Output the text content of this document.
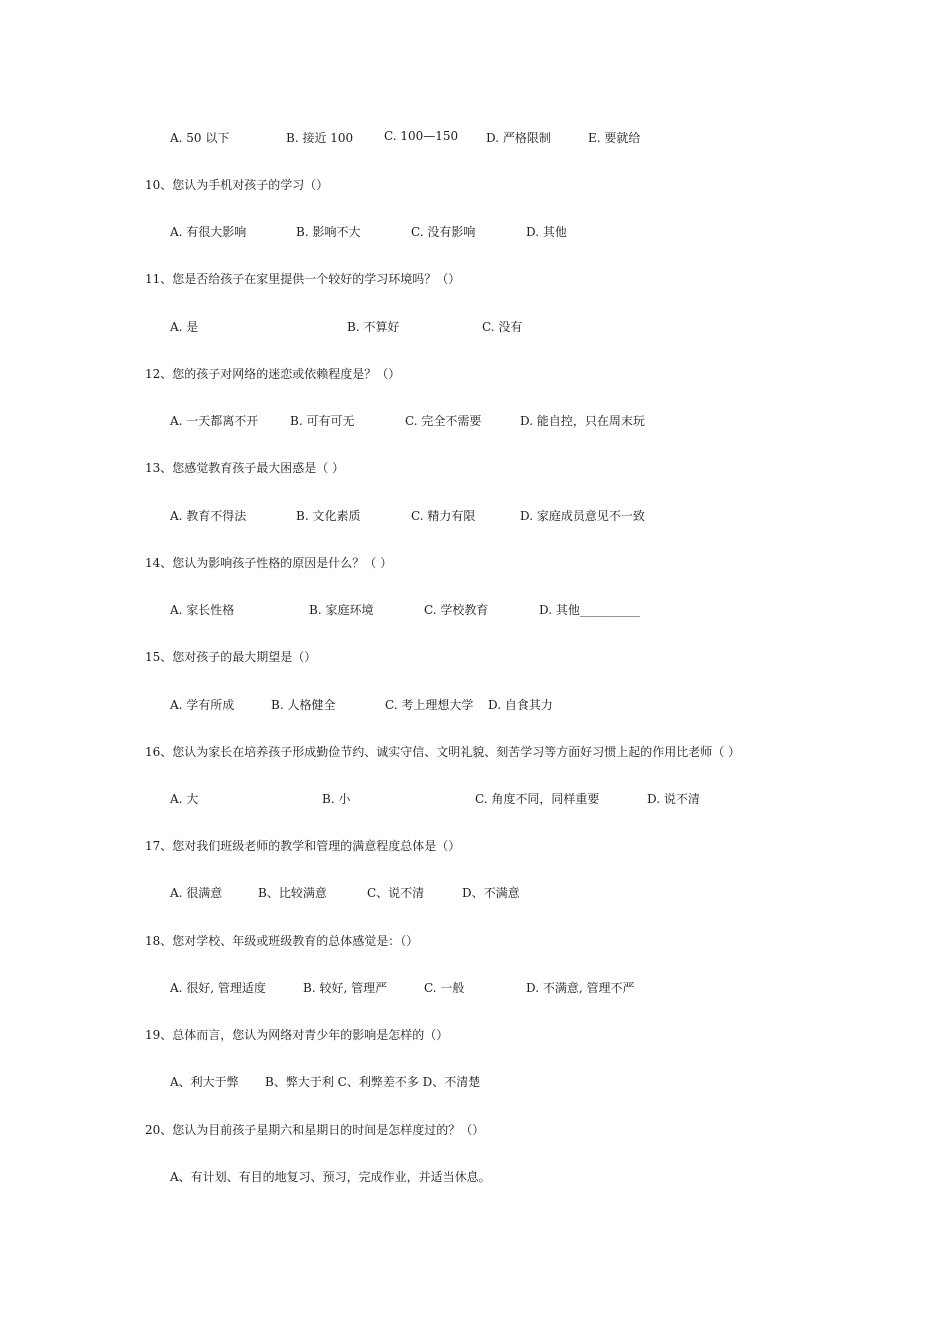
A. 50 以下	B. 接近 100	C. 100—150 D. 严格限制	E. 要就给
10、您认为手机对孩子的学习（）
A. 有很大影响	B. 影响不大	C. 没有影响	D. 其他
11、您是否给孩子在家里提供一个较好的学习环境吗？（）
A. 是	B. 不算好	C. 没有
12、您的孩子对网络的迷恋或依赖程度是？（）
A. 一天都离不开	B. 可有可无	C. 完全不需要	D. 能自控，只在周末玩
13、您感觉教育孩子最大困惑是（ ）
A. 教育不得法	B. 文化素质	C. 精力有限	D. 家庭成员意见不一致
14、您认为影响孩子性格的原因是什么？（ ）
A. 家长性格	B. 家庭环境	C. 学校教育	D. 其他__________
15、您对孩子的最大期望是（）
A. 学有所成	B. 人格健全	C. 考上理想大学 D. 自食其力
16、您认为家长在培养孩子形成勤俭节约、诚实守信、文明礼貌、刻苦学习等方面好习惯上起的作用比老师（ ）
A. 大	B. 小	C. 角度不同，同样重要	D. 说不清
17、您对我们班级老师的教学和管理的满意程度总体是（）
A. 很满意	B、比较满意	C、说不清	D、不满意
18、您对学校、年级或班级教育的总体感觉是：（）
A. 很好, 管理适度	B. 较好, 管理严	C. 一般	D. 不满意, 管理不严
19、总体而言，您认为网络对青少年的影响是怎样的（）
A、利大于弊 B、弊大于利 C、利弊差不多 D、不清楚
20、您认为目前孩子星期六和星期日的时间是怎样度过的？（）
A、有计划、有目的地复习、预习，完成作业，并适当休息。
